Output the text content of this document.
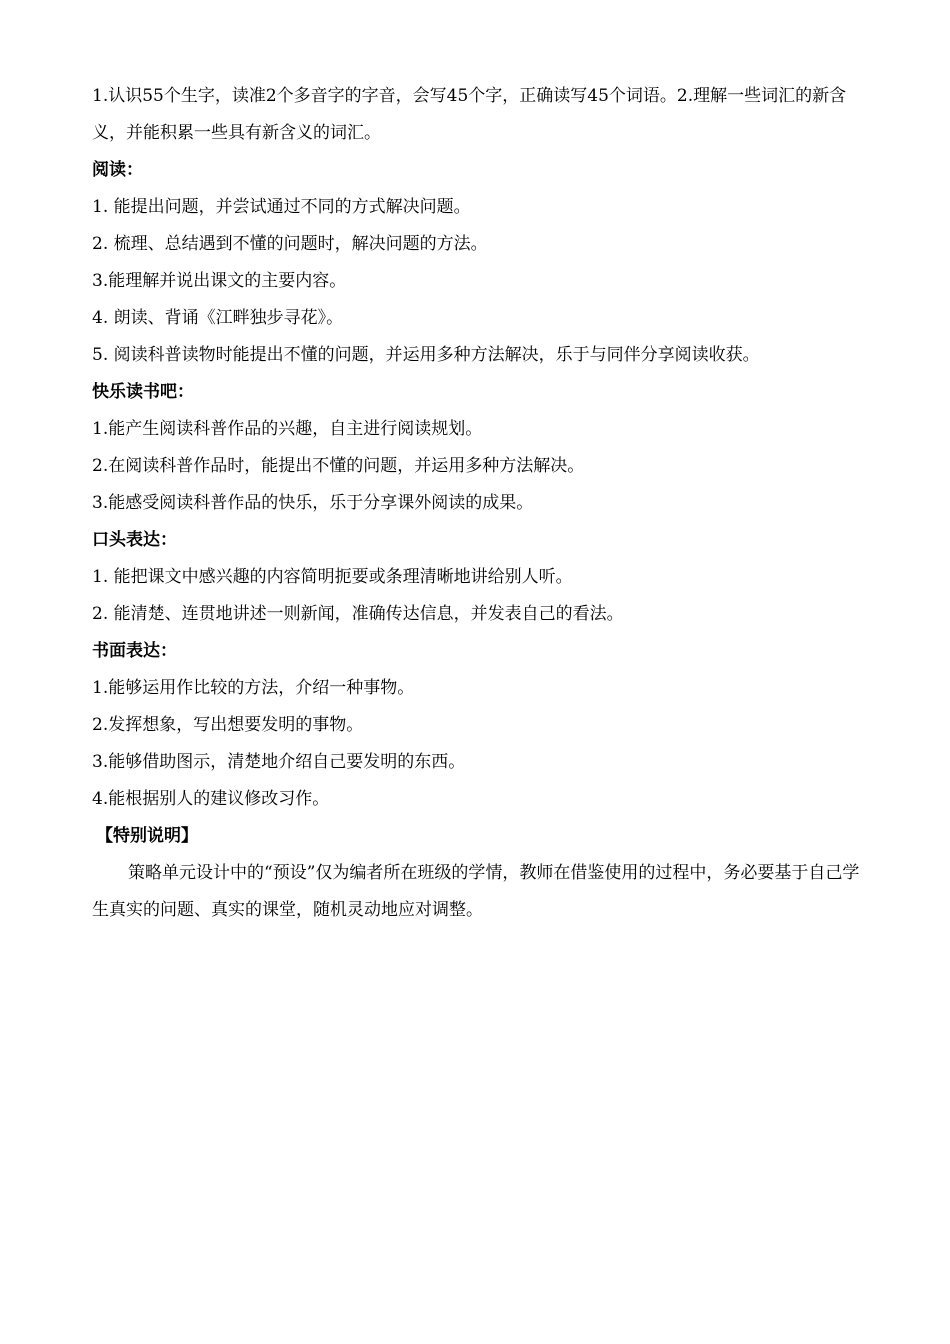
1.认识55个生字，读准2个多音字的字音，会写45个字，正确读写45个词语。2.理解一些词汇的新含义，并能积累一些具有新含义的词汇。

阅读：

1. 能提出问题，并尝试通过不同的方式解决问题。

2. 梳理、总结遇到不懂的问题时，解决问题的方法。

3.能理解并说出课文的主要内容。

4. 朗读、背诵《江畔独步寻花》。

5. 阅读科普读物时能提出不懂的问题，并运用多种方法解决，乐于与同伴分享阅读收获。

快乐读书吧：

1.能产生阅读科普作品的兴趣，自主进行阅读规划。

2.在阅读科普作品时，能提出不懂的问题，并运用多种方法解决。

3.能感受阅读科普作品的快乐，乐于分享课外阅读的成果。

口头表达：

1. 能把课文中感兴趣的内容简明扼要或条理清晰地讲给别人听。

2. 能清楚、连贯地讲述一则新闻，准确传达信息，并发表自己的看法。

书面表达：

1.能够运用作比较的方法，介绍一种事物。

2.发挥想象，写出想要发明的事物。

3.能够借助图示，清楚地介绍自己要发明的东西。

4.能根据别人的建议修改习作。

【特别说明】

策略单元设计中的“预设”仅为编者所在班级的学情，教师在借鉴使用的过程中，务必要基于自己学生真实的问题、真实的课堂，随机灵动地应对调整。
